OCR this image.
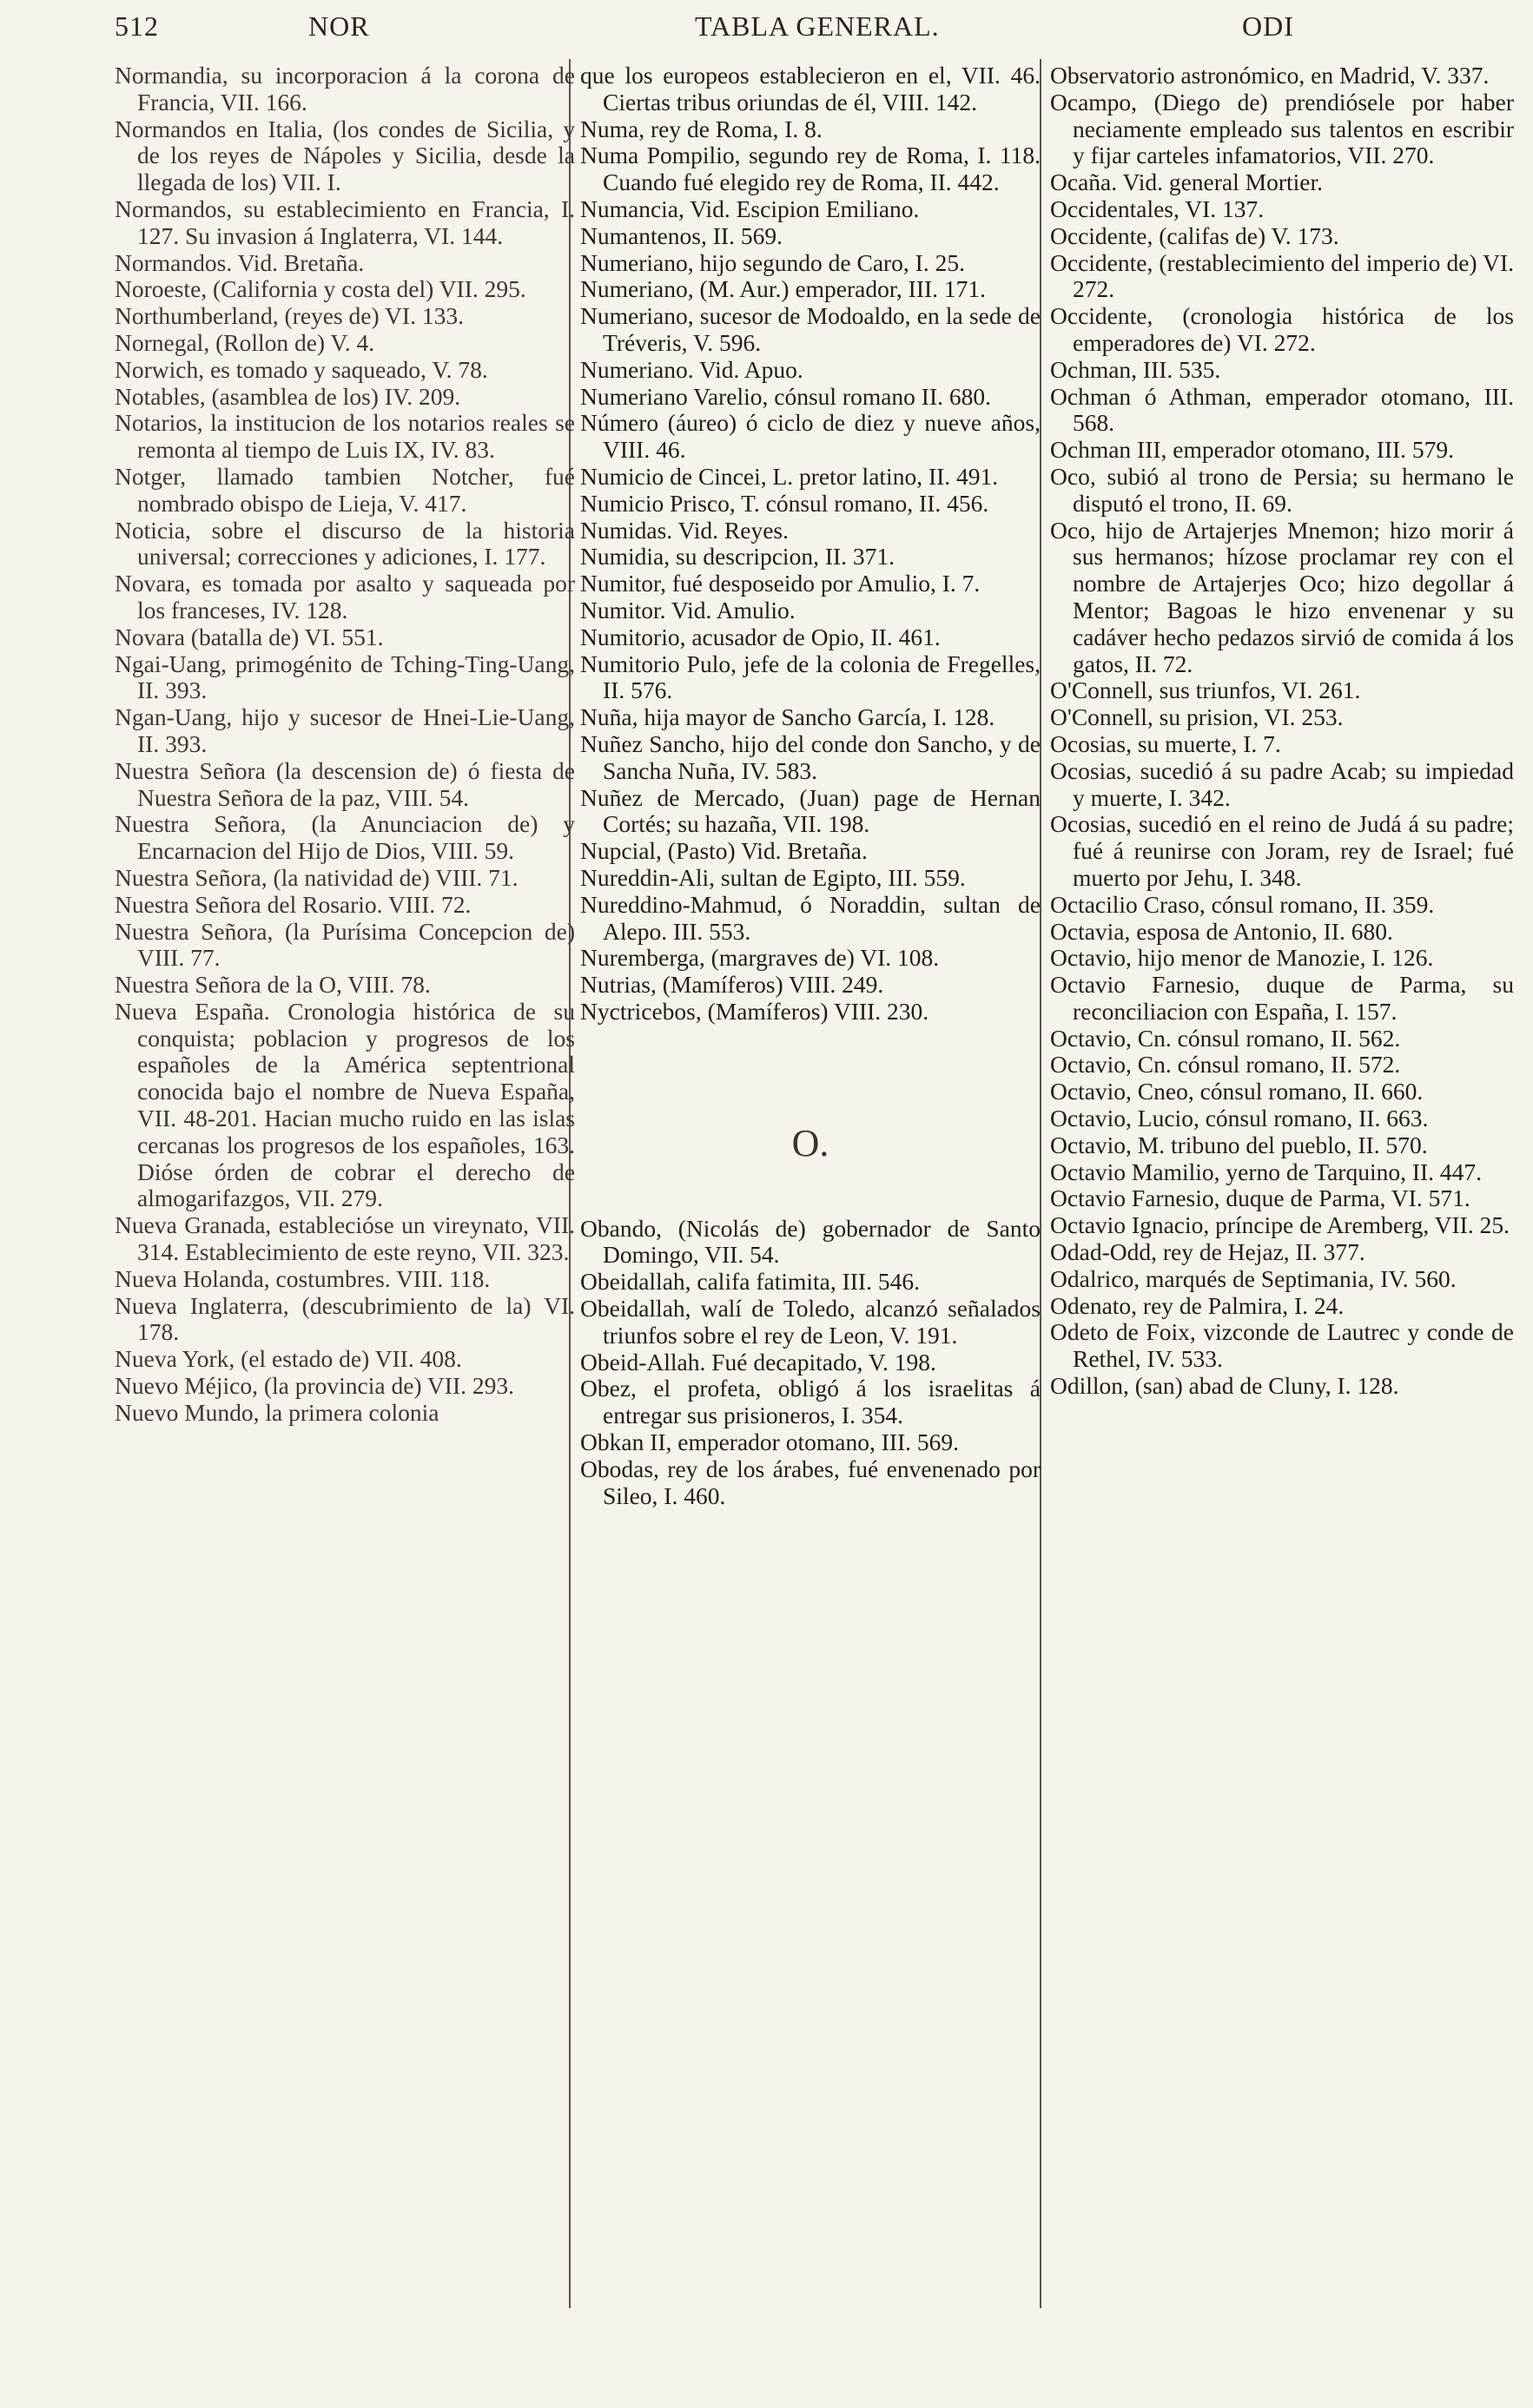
512	NOR	TABLA GENERAL.	ODI

Normandia, su incorporacion á la corona de Francia, VII. 166.

Normandos en Italia, (los condes de Sicilia, y de los reyes de Nápoles y Sicilia, desde la llegada de los) VII. I.

Normandos, su establecimiento en Francia, I. 127. Su invasion á Inglaterra, VI. 144.

Normandos. Vid. Bretaña.

Noroeste, (California y costa del) VII. 295.

Northumberland, (reyes de) VI. 133.

Nornegal, (Rollon de) V. 4.

Norwich, es tomado y saqueado, V. 78.

Notables, (asamblea de los) IV. 209.

Notarios, la institucion de los notarios reales se remonta al tiempo de Luis IX, IV. 83.

Notger, llamado tambien Notcher, fué nombrado obispo de Lieja, V. 417.

Noticia, sobre el discurso de la historia universal; correcciones y adiciones, I. 177.

Novara, es tomada por asalto y saqueada por los franceses, IV. 128.

Novara (batalla de) VI. 551.

Ngai-Uang, primogénito de Tching-Ting-Uang, II. 393.

Ngan-Uang, hijo y sucesor de Hnei-Lie-Uang, II. 393.

Nuestra Señora (la descension de) ó fiesta de Nuestra Señora de la paz, VIII. 54.

Nuestra Señora, (la Anunciacion de) y Encarnacion del Hijo de Dios, VIII. 59.

Nuestra Señora, (la natividad de) VIII. 71.

Nuestra Señora del Rosario. VIII. 72.

Nuestra Señora, (la Purísima Concepcion de) VIII. 77.

Nuestra Señora de la O, VIII. 78.

Nueva España. Cronologia histórica de su conquista; poblacion y progresos de los españoles de la América septentrional conocida bajo el nombre de Nueva España, VII. 48-201. Hacian mucho ruido en las islas cercanas los progresos de los españoles, 163. Dióse órden de cobrar el derecho de almogarifazgos, VII. 279.

Nueva Granada, establecióse un vireynato, VII. 314. Establecimiento de este reyno, VII. 323.

Nueva Holanda, costumbres. VIII. 118.

Nueva Inglaterra, (descubrimiento de la) VI. 178.

Nueva York, (el estado de) VII. 408.

Nuevo Méjico, (la provincia de) VII. 293.

Nuevo Mundo, la primera colonia

que los europeos establecieron en el, VII. 46. Ciertas tribus oriundas de él, VIII. 142.

Numa, rey de Roma, I. 8.

Numa Pompilio, segundo rey de Roma, I. 118. Cuando fué elegido rey de Roma, II. 442.

Numancia, Vid. Escipion Emiliano.

Numantenos, II. 569.

Numeriano, hijo segundo de Caro, I. 25.

Numeriano, (M. Aur.) emperador, III. 171.

Numeriano, sucesor de Modoaldo, en la sede de Tréveris, V. 596.

Numeriano. Vid. Apuo.

Numeriano Varelio, cónsul romano II. 680.

Número (áureo) ó ciclo de diez y nueve años, VIII. 46.

Numicio de Cincei, L. pretor latino, II. 491.

Numicio Prisco, T. cónsul romano, II. 456.

Numidas. Vid. Reyes.

Numidia, su descripcion, II. 371.

Numitor, fué desposeido por Amulio, I. 7.

Numitor. Vid. Amulio.

Numitorio, acusador de Opio, II. 461.

Numitorio Pulo, jefe de la colonia de Fregelles, II. 576.

Nuña, hija mayor de Sancho García, I. 128.

Nuñez Sancho, hijo del conde don Sancho, y de Sancha Nuña, IV. 583.

Nuñez de Mercado, (Juan) page de Hernan Cortés; su hazaña, VII. 198.

Nupcial, (Pasto) Vid. Bretaña.

Nureddin-Ali, sultan de Egipto, III. 559.

Nureddino-Mahmud, ó Noraddin, sultan de Alepo. III. 553.

Nuremberga, (margraves de) VI. 108.

Nutrias, (Mamíferos) VIII. 249.

Nyctricebos, (Mamíferos) VIII. 230.

O.

Obando, (Nicolás de) gobernador de Santo Domingo, VII. 54.

Obeidallah, califa fatimita, III. 546.

Obeidallah, walí de Toledo, alcanzó señalados triunfos sobre el rey de Leon, V. 191.

Obeid-Allah. Fué decapitado, V. 198.

Obez, el profeta, obligó á los israelitas á entregar sus prisioneros, I. 354.

Obkan II, emperador otomano, III. 569.

Obodas, rey de los árabes, fué envenenado por Sileo, I. 460.

Observatorio astronómico, en Madrid, V. 337.

Ocampo, (Diego de) prendiósele por haber neciamente empleado sus talentos en escribir y fijar carteles infamatorios, VII. 270.

Ocaña. Vid. general Mortier.

Occidentales, VI. 137.

Occidente, (califas de) V. 173.

Occidente, (restablecimiento del imperio de) VI. 272.

Occidente, (cronologia histórica de los emperadores de) VI. 272.

Ochman, III. 535.

Ochman ó Athman, emperador otomano, III. 568.

Ochman III, emperador otomano, III. 579.

Oco, subió al trono de Persia; su hermano le disputó el trono, II. 69.

Oco, hijo de Artajerjes Mnemon; hizo morir á sus hermanos; hízose proclamar rey con el nombre de Artajerjes Oco; hizo degollar á Mentor; Bagoas le hizo envenenar y su cadáver hecho pedazos sirvió de comida á los gatos, II. 72.

O'Connell, sus triunfos, VI. 261.

O'Connell, su prision, VI. 253.

Ocosias, su muerte, I. 7.

Ocosias, sucedió á su padre Acab; su impiedad y muerte, I. 342.

Ocosias, sucedió en el reino de Judá á su padre; fué á reunirse con Joram, rey de Israel; fué muerto por Jehu, I. 348.

Octacilio Craso, cónsul romano, II. 359.

Octavia, esposa de Antonio, II. 680.

Octavio, hijo menor de Manozie, I. 126.

Octavio Farnesio, duque de Parma, su reconciliacion con España, I. 157.

Octavio, Cn. cónsul romano, II. 562.

Octavio, Cn. cónsul romano, II. 572.

Octavio, Cneo, cónsul romano, II. 660.

Octavio, Lucio, cónsul romano, II. 663.

Octavio, M. tribuno del pueblo, II. 570.

Octavio Mamilio, yerno de Tarquino, II. 447.

Octavio Farnesio, duque de Parma, VI. 571.

Octavio Ignacio, príncipe de Aremberg, VII. 25.

Odad-Odd, rey de Hejaz, II. 377.

Odalrico, marqués de Septimania, IV. 560.

Odenato, rey de Palmira, I. 24.

Odeto de Foix, vizconde de Lautrec y conde de Rethel, IV. 533.

Odillon, (san) abad de Cluny, I. 128.
